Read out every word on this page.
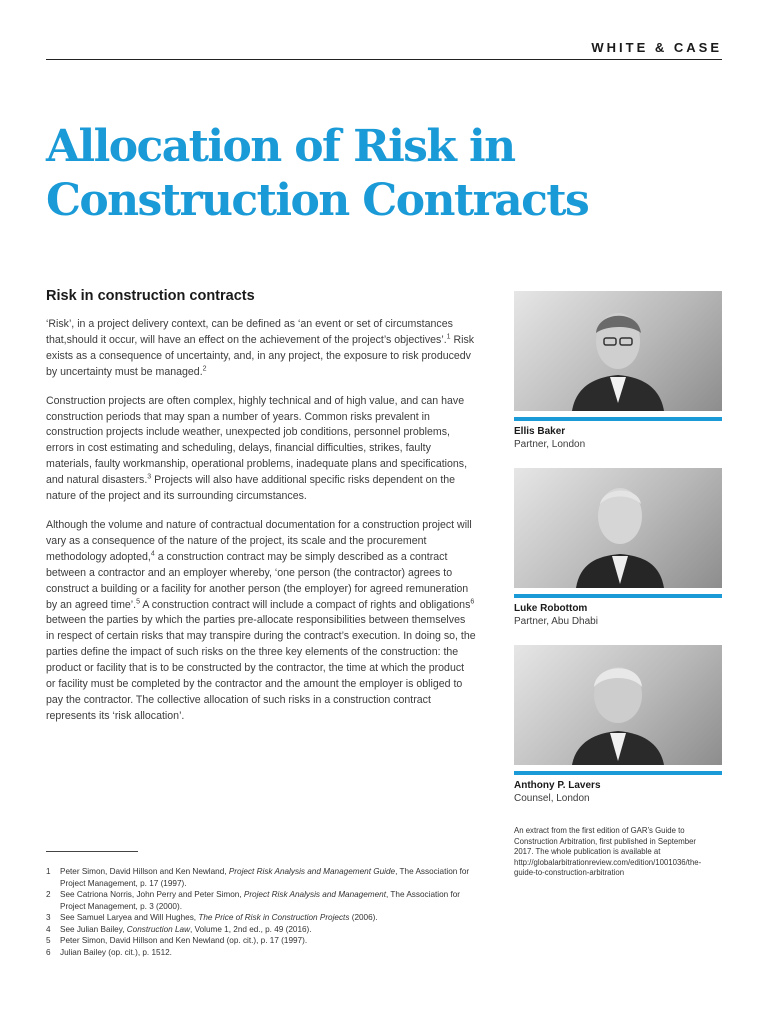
WHITE & CASE
Allocation of Risk in Construction Contracts
Risk in construction contracts

‘Risk’, in a project delivery context, can be defined as ‘an event or set of circumstances that,should it occur, will have an effect on the achievement of the project’s objectives’.$^1$ Risk exists as a consequence of uncertainty, and, in any project, the exposure to risk producedv by uncertainty must be managed.$^2$

Construction projects are often complex, highly technical and of high value, and can have construction periods that may span a number of years. Common risks prevalent in construction projects include weather, unexpected job conditions, personnel problems, errors in cost estimating and scheduling, delays, financial difficulties, strikes, faulty materials, faulty workmanship, operational problems, inadequate plans and specifications, and natural disasters.$^3$ Projects will also have additional specific risks dependent on the nature of the project and its surrounding circumstances.

Although the volume and nature of contractual documentation for a construction project will vary as a consequence of the nature of the project, its scale and the procurement methodology adopted,$^4$ a construction contract may be simply described as a contract between a contractor and an employer whereby, ‘one person (the contractor) agrees to construct a building or a facility for another person (the employer) for agreed remuneration by an agreed time’.$^5$ A construction contract will include a compact of rights and obligations$^6$ between the parties by which the parties pre-allocate responsibilities between themselves in respect of certain risks that may transpire during the contract’s execution. In doing so, the parties define the impact of such risks on the three key elements of the construction: the product or facility that is to be constructed by the contractor, the time at which the product or facility must be completed by the contractor and the amount the employer is obliged to pay the contractor. The collective allocation of such risks in a construction contract represents its ‘risk allocation’.

1	Peter Simon, David Hillson and Ken Newland, Project Risk Analysis and Management Guide, The Association for Project Management, p. 17 (1997).
2	See Catriona Norris, John Perry and Peter Simon, Project Risk Analysis and Management, The Association for Project Management, p. 3 (2000).
3	See Samuel Laryea and Will Hughes, The Price of Risk in Construction Projects (2006).
4	See Julian Bailey, Construction Law, Volume 1, 2nd ed., p. 49 (2016).
5	Peter Simon, David Hillson and Ken Newland (op. cit.), p. 17 (1997).
6	Julian Bailey (op. cit.), p. 1512.
Ellis Baker
Partner, London
Luke Robottom
Partner, Abu Dhabi
Anthony P. Lavers
Counsel, London

An extract from the first edition of GAR’s Guide to Construction Arbitration, first published in September 2017. The whole publication is available at http://globalarbitrationreview.com/edition/1001036/the-guide-to-construction-arbitration
